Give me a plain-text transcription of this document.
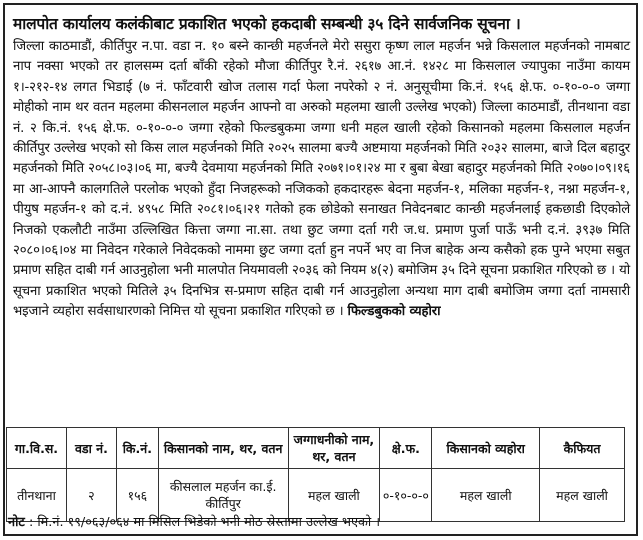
मालपोत कार्यालय कलंकीबाट प्रकाशित भएको हकदाबी सम्बन्धी ३५ दिने सार्वजनिक सूचना ।
जिल्ला काठमाडौं, कीर्तिपुर न.पा. वडा न. १० बस्ने कान्छी महर्जनले मेरो ससुरा कृष्ण लाल महर्जन भन्ने किसलाल महर्जनको नामबाट नाप नक्सा भएको तर हालसम्म दर्ता बाँकी रहेको मौजा कीर्तिपुर रै.नं. २६१७ आ.नं. १४२८ मा किसलाल ज्यापुका नाउँमा कायम १।-२१२-१४ लगत भिडाई (७ नं. फाँटवारी खोज तलास गर्दा फेला नपरेको २ नं. अनुसूचीमा कि.नं. १५६ क्षे.फ. ०-१०-०-० जग्गा मोहीको नाम थर वतन महलमा कीसनलाल महर्जन आफ्नो वा अरुको महलमा खाली उल्लेख भएको) जिल्ला काठमाडौं, तीनथाना वडा नं. २ कि.नं. १५६ क्षे.फ. ०-१०-०-० जग्गा रहेको फिल्डबुकमा जग्गा धनी महल खाली रहेको किसानको महलमा किसलाल महर्जन कीर्तिपुर उल्लेख भएको सो किस लाल महर्जनको मिति २०२५ सालमा बज्यै अष्टमाया महर्जनको मिति २०३२ सालमा, बाजे दिल बहादुर महर्जनको मिति २०५८।०३।०६ मा, बज्यै देवमाया महर्जनको मिति २०७१।०१।२४ मा र बुबा बेखा बहादुर महर्जनको मिति २०७०।०९।१६ मा आ-आफ्नै कालगतिले परलोक भएको हुँदा निजहरूको नजिकको हकदारहरू बेदना महर्जन-१, मलिका महर्जन-१, नश्ना महर्जन-१, पीयुष महर्जन-१ को द.नं. ४९५८ मिति २०८१।०६।२१ गतेको हक छोडेको सनाखत निवेदनबाट कान्छी महर्जनलाई हकछाडी दिएकोले निजको एकलौटी नाउँमा उल्लिखित कित्ता जग्गा ना.सा. तथा छुट जग्गा दर्ता गरी ज.ध. प्रमाण पुर्जा पाऊँ भनी द.नं. ३९३७ मिति २०८०।०६।०४ मा निवेदन गरेकाले निवेदकको नाममा छुट जग्गा दर्ता हुन नपर्ने भए वा निज बाहेक अन्य कसैको हक पुग्ने भएमा सबुत प्रमाण सहित दाबी गर्न आउनुहोला भनी मालपोत नियमावली २०३६ को नियम ४(२) बमोजिम ३५ दिने सूचना प्रकाशित गरिएको छ । यो सूचना प्रकाशित भएको मितिले ३५ दिनभित्र स-प्रमाण सहित दाबी गर्न आउनुहोला अन्यथा माग दाबी बमोजिम जग्गा दर्ता नामसारी भइजाने व्यहोरा सर्वसाधारणको निमित्त यो सूचना प्रकाशित गरिएको छ । फिल्डबुकको व्यहोरा
गा.वि.स.	वडा नं.	कि.नं.	किसानको नाम, थर, वतन	जग्गाधनीको नाम, थर, वतन	क्षे.फ.	किसानको व्यहोरा	कैफियत
तीनथाना	२	१५६	कीसलाल महर्जन का.ई. कीर्तिपुर	महल खाली	०-१०-०-०	महल खाली	महल खाली
नोट : मि.नं. १९/०६३/०६४ मा मिसिल भिडेको भनी मोठ स्रेस्तामा उल्लेख भएको ।
